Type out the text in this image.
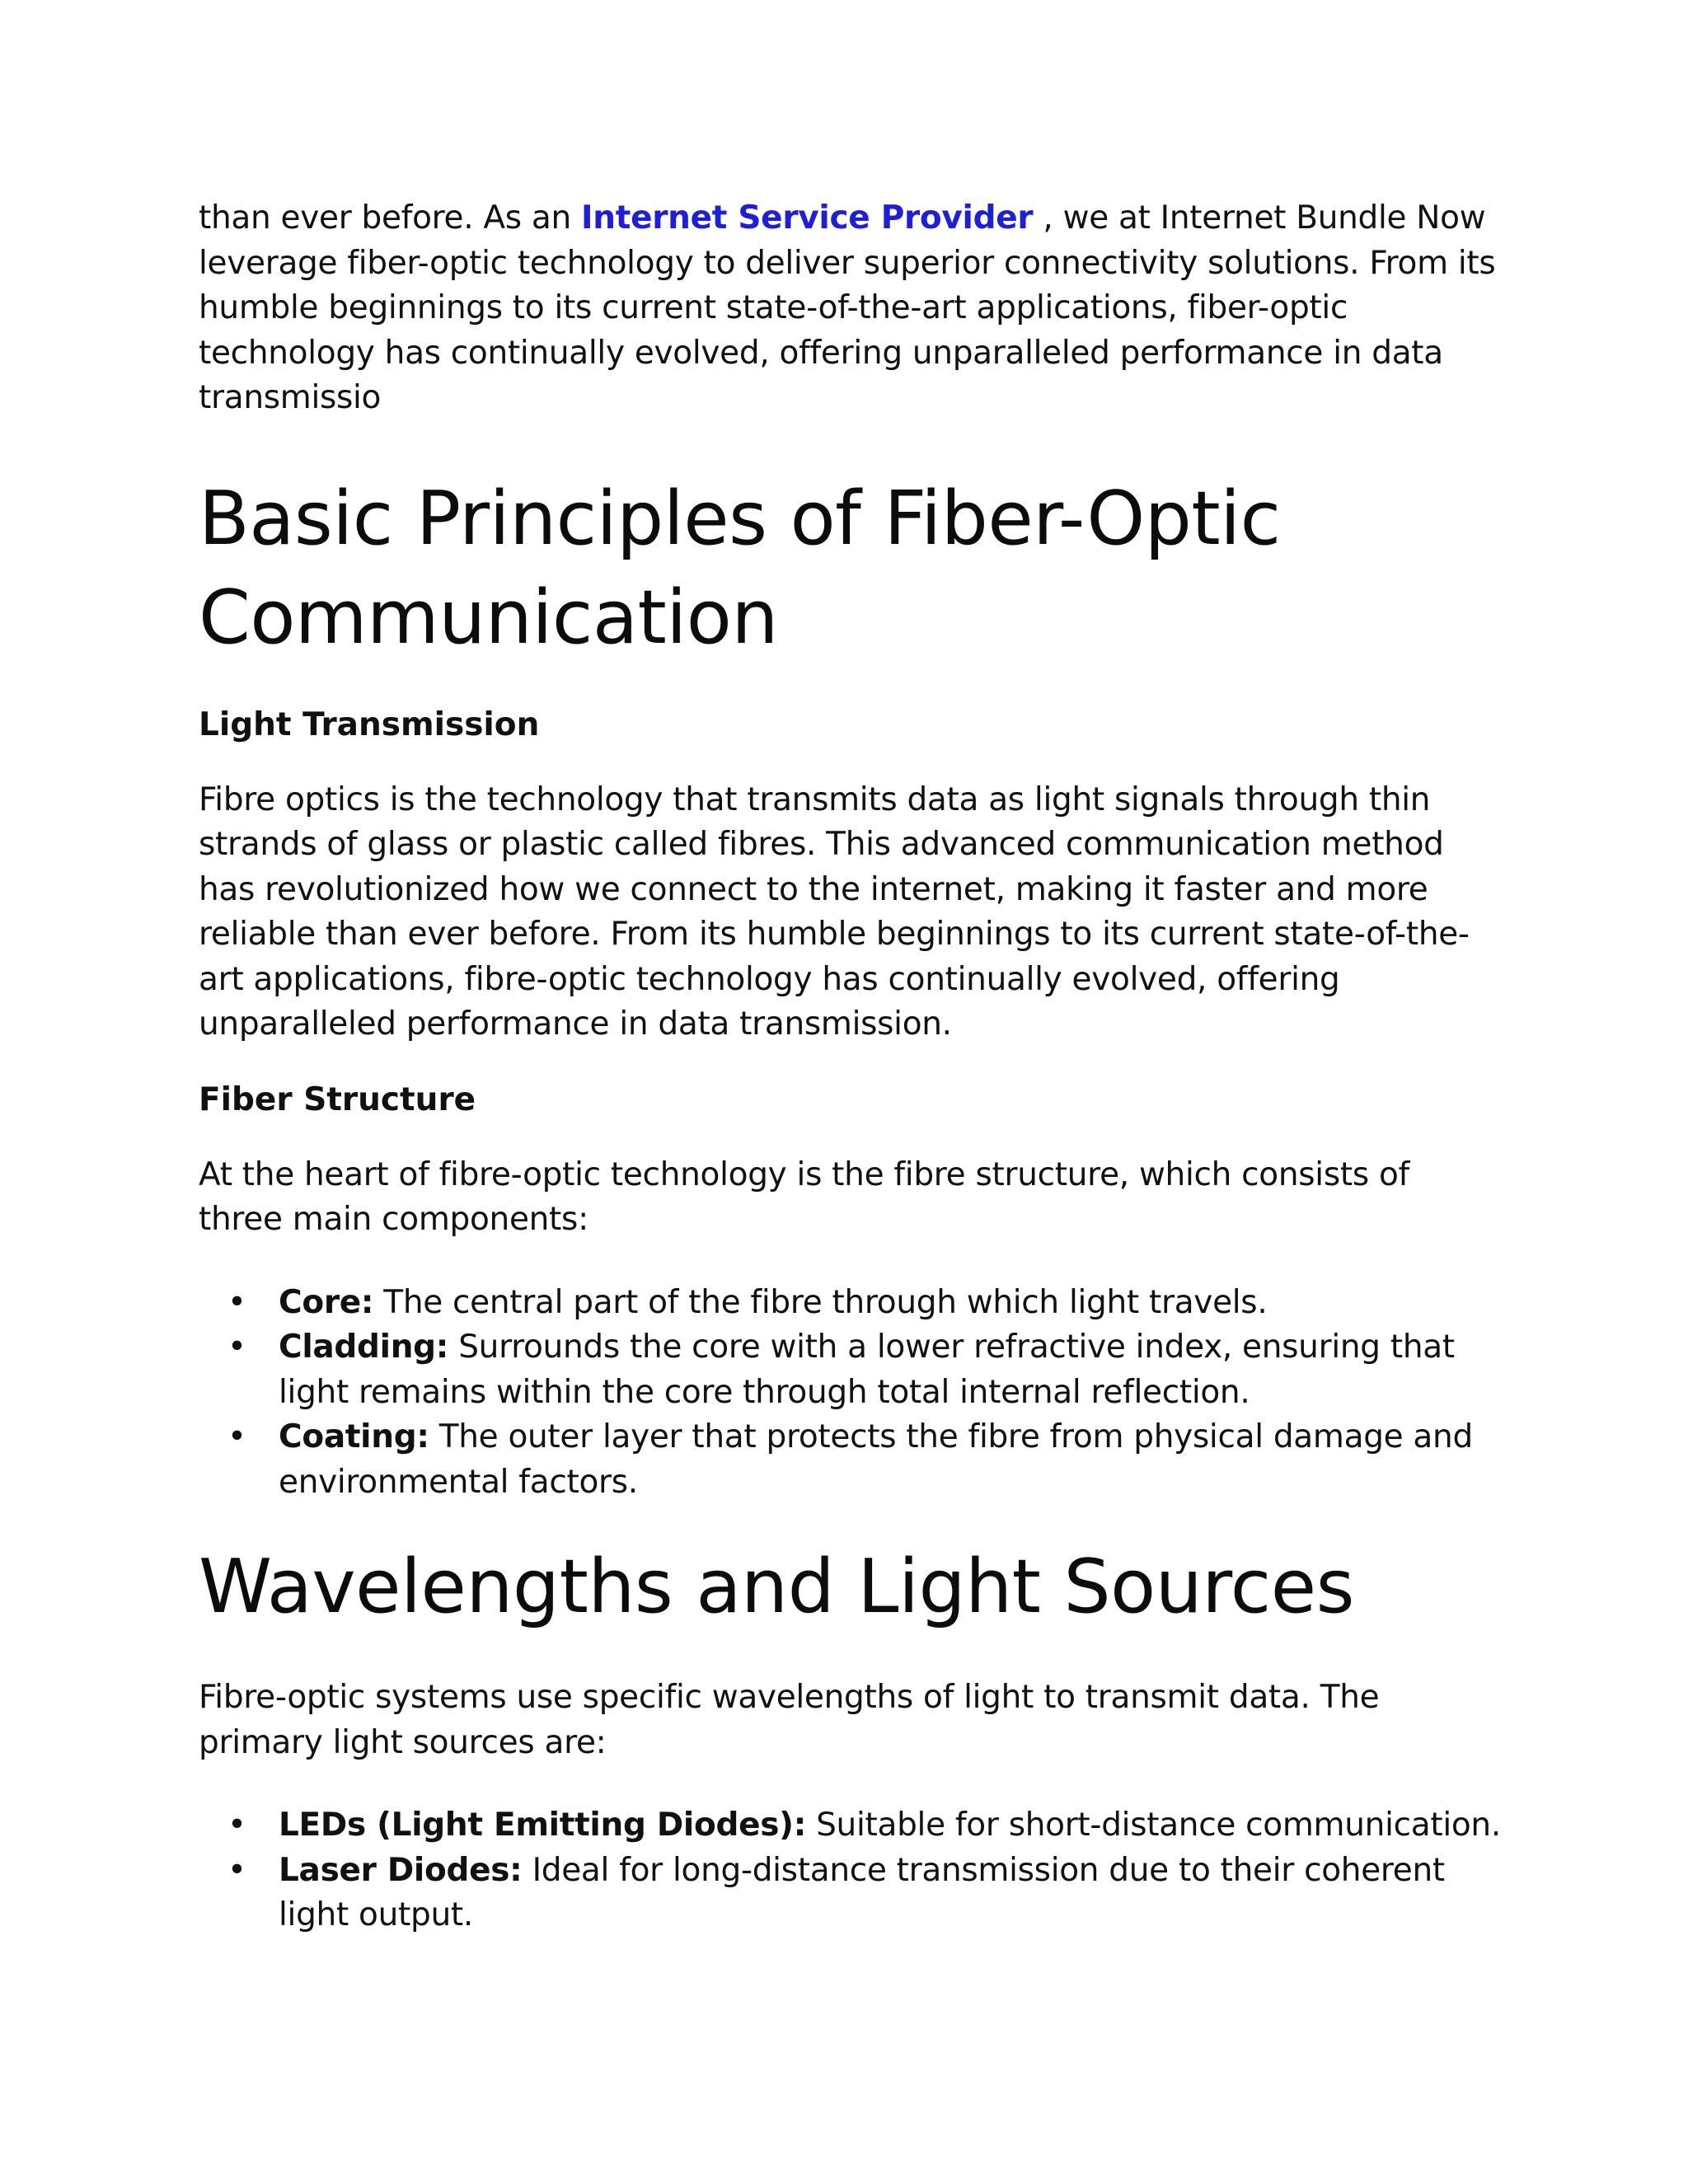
than ever before. As an Internet Service Provider , we at Internet Bundle Now leverage fiber-optic technology to deliver superior connectivity solutions. From its humble beginnings to its current state-of-the-art applications, fiber-optic technology has continually evolved, offering unparalleled performance in data transmissio

Basic Principles of Fiber-Optic Communication
Light Transmission

Fibre optics is the technology that transmits data as light signals through thin strands of glass or plastic called fibres. This advanced communication method has revolutionized how we connect to the internet, making it faster and more reliable than ever before. From its humble beginnings to its current state-of-the-art applications, fibre-optic technology has continually evolved, offering unparalleled performance in data transmission.

Fiber Structure

At the heart of fibre-optic technology is the fibre structure, which consists of three main components:

• Core: The central part of the fibre through which light travels.
• Cladding: Surrounds the core with a lower refractive index, ensuring that light remains within the core through total internal reflection.
• Coating: The outer layer that protects the fibre from physical damage and environmental factors.
Wavelengths and Light Sources

Fibre-optic systems use specific wavelengths of light to transmit data. The primary light sources are:

• LEDs (Light Emitting Diodes): Suitable for short-distance communication.
• Laser Diodes: Ideal for long-distance transmission due to their coherent light output.
